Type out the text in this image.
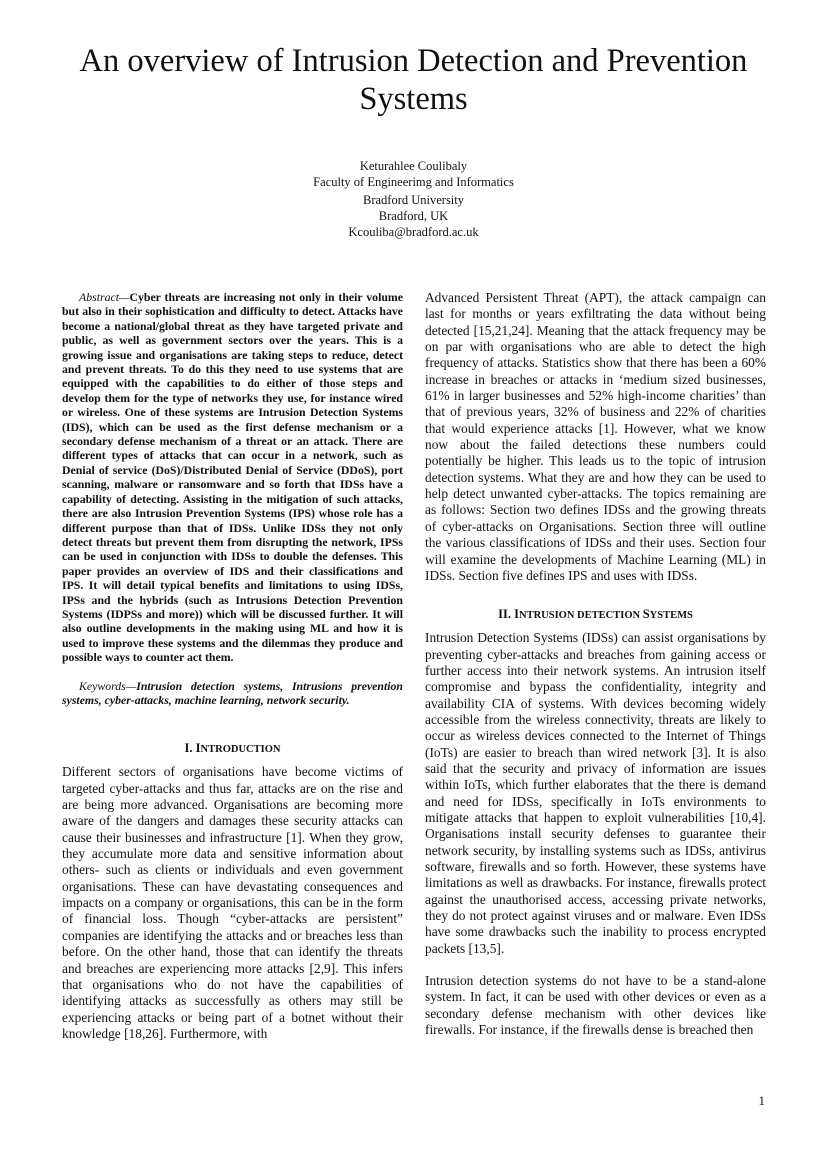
An overview of Intrusion Detection and Prevention Systems
Keturahlee Coulibaly
Faculty of Engineerimg and Informatics
Bradford University
Bradford, UK
Kcouliba@bradford.ac.uk

Abstract—Cyber threats are increasing not only in their volume but also in their sophistication and difficulty to detect. Attacks have become a national/global threat as they have targeted private and public, as well as government sectors over the years. This is a growing issue and organisations are taking steps to reduce, detect and prevent threats. To do this they need to use systems that are equipped with the capabilities to do either of those steps and develop them for the type of networks they use, for instance wired or wireless. One of these systems are Intrusion Detection Systems (IDS), which can be used as the first defense mechanism or a secondary defense mechanism of a threat or an attack. There are different types of attacks that can occur in a network, such as Denial of service (DoS)/Distributed Denial of Service (DDoS), port scanning, malware or ransomware and so forth that IDSs have a capability of detecting. Assisting in the mitigation of such attacks, there are also Intrusion Prevention Systems (IPS) whose role has a different purpose than that of IDSs. Unlike IDSs they not only detect threats but prevent them from disrupting the network, IPSs can be used in conjunction with IDSs to double the defenses. This paper provides an overview of IDS and their classifications and IPS. It will detail typical benefits and limitations to using IDSs, IPSs and the hybrids (such as Intrusions Detection Prevention Systems (IDPSs and more)) which will be discussed further. It will also outline developments in the making using ML and how it is used to improve these systems and the dilemmas they produce and possible ways to counter act them.

Keywords—Intrusion detection systems, Intrusions prevention systems, cyber-attacks, machine learning, network security.

I. INTRODUCTION

Different sectors of organisations have become victims of targeted cyber-attacks and thus far, attacks are on the rise and are being more advanced. Organisations are becoming more aware of the dangers and damages these security attacks can cause their businesses and infrastructure [1]. When they grow, they accumulate more data and sensitive information about others- such as clients or individuals and even government organisations. These can have devastating consequences and impacts on a company or organisations, this can be in the form of financial loss. Though “cyber-attacks are persistent” companies are identifying the attacks and or breaches less than before. On the other hand, those that can identify the threats and breaches are experiencing more attacks [2,9]. This infers that organisations who do not have the capabilities of identifying attacks as successfully as others may still be experiencing attacks or being part of a botnet without their knowledge [18,26]. Furthermore, with

Advanced Persistent Threat (APT), the attack campaign can last for months or years exfiltrating the data without being detected [15,21,24]. Meaning that the attack frequency may be on par with organisations who are able to detect the high frequency of attacks. Statistics show that there has been a 60% increase in breaches or attacks in ‘medium sized businesses, 61% in larger businesses and 52% high-income charities’ than that of previous years, 32% of business and 22% of charities that would experience attacks [1]. However, what we know now about the failed detections these numbers could potentially be higher. This leads us to the topic of intrusion detection systems. What they are and how they can be used to help detect unwanted cyber-attacks. The topics remaining are as follows: Section two defines IDSs and the growing threats of cyber-attacks on Organisations. Section three will outline the various classifications of IDSs and their uses. Section four will examine the developments of Machine Learning (ML) in IDSs. Section five defines IPS and uses with IDSs.

II. INTRUSION DETECTION SYSTEMS

Intrusion Detection Systems (IDSs) can assist organisations by preventing cyber-attacks and breaches from gaining access or further access into their network systems. An intrusion itself compromise and bypass the confidentiality, integrity and availability CIA of systems. With devices becoming widely accessible from the wireless connectivity, threats are likely to occur as wireless devices connected to the Internet of Things (IoTs) are easier to breach than wired network [3]. It is also said that the security and privacy of information are issues within IoTs, which further elaborates that the there is demand and need for IDSs, specifically in IoTs environments to mitigate attacks that happen to exploit vulnerabilities [10,4]. Organisations install security defenses to guarantee their network security, by installing systems such as IDSs, antivirus software, firewalls and so forth. However, these systems have limitations as well as drawbacks. For instance, firewalls protect against the unauthorised access, accessing private networks, they do not protect against viruses and or malware. Even IDSs have some drawbacks such the inability to process encrypted packets [13,5].

Intrusion detection systems do not have to be a stand-alone system. In fact, it can be used with other devices or even as a secondary defense mechanism with other devices like firewalls. For instance, if the firewalls dense is breached then

1
